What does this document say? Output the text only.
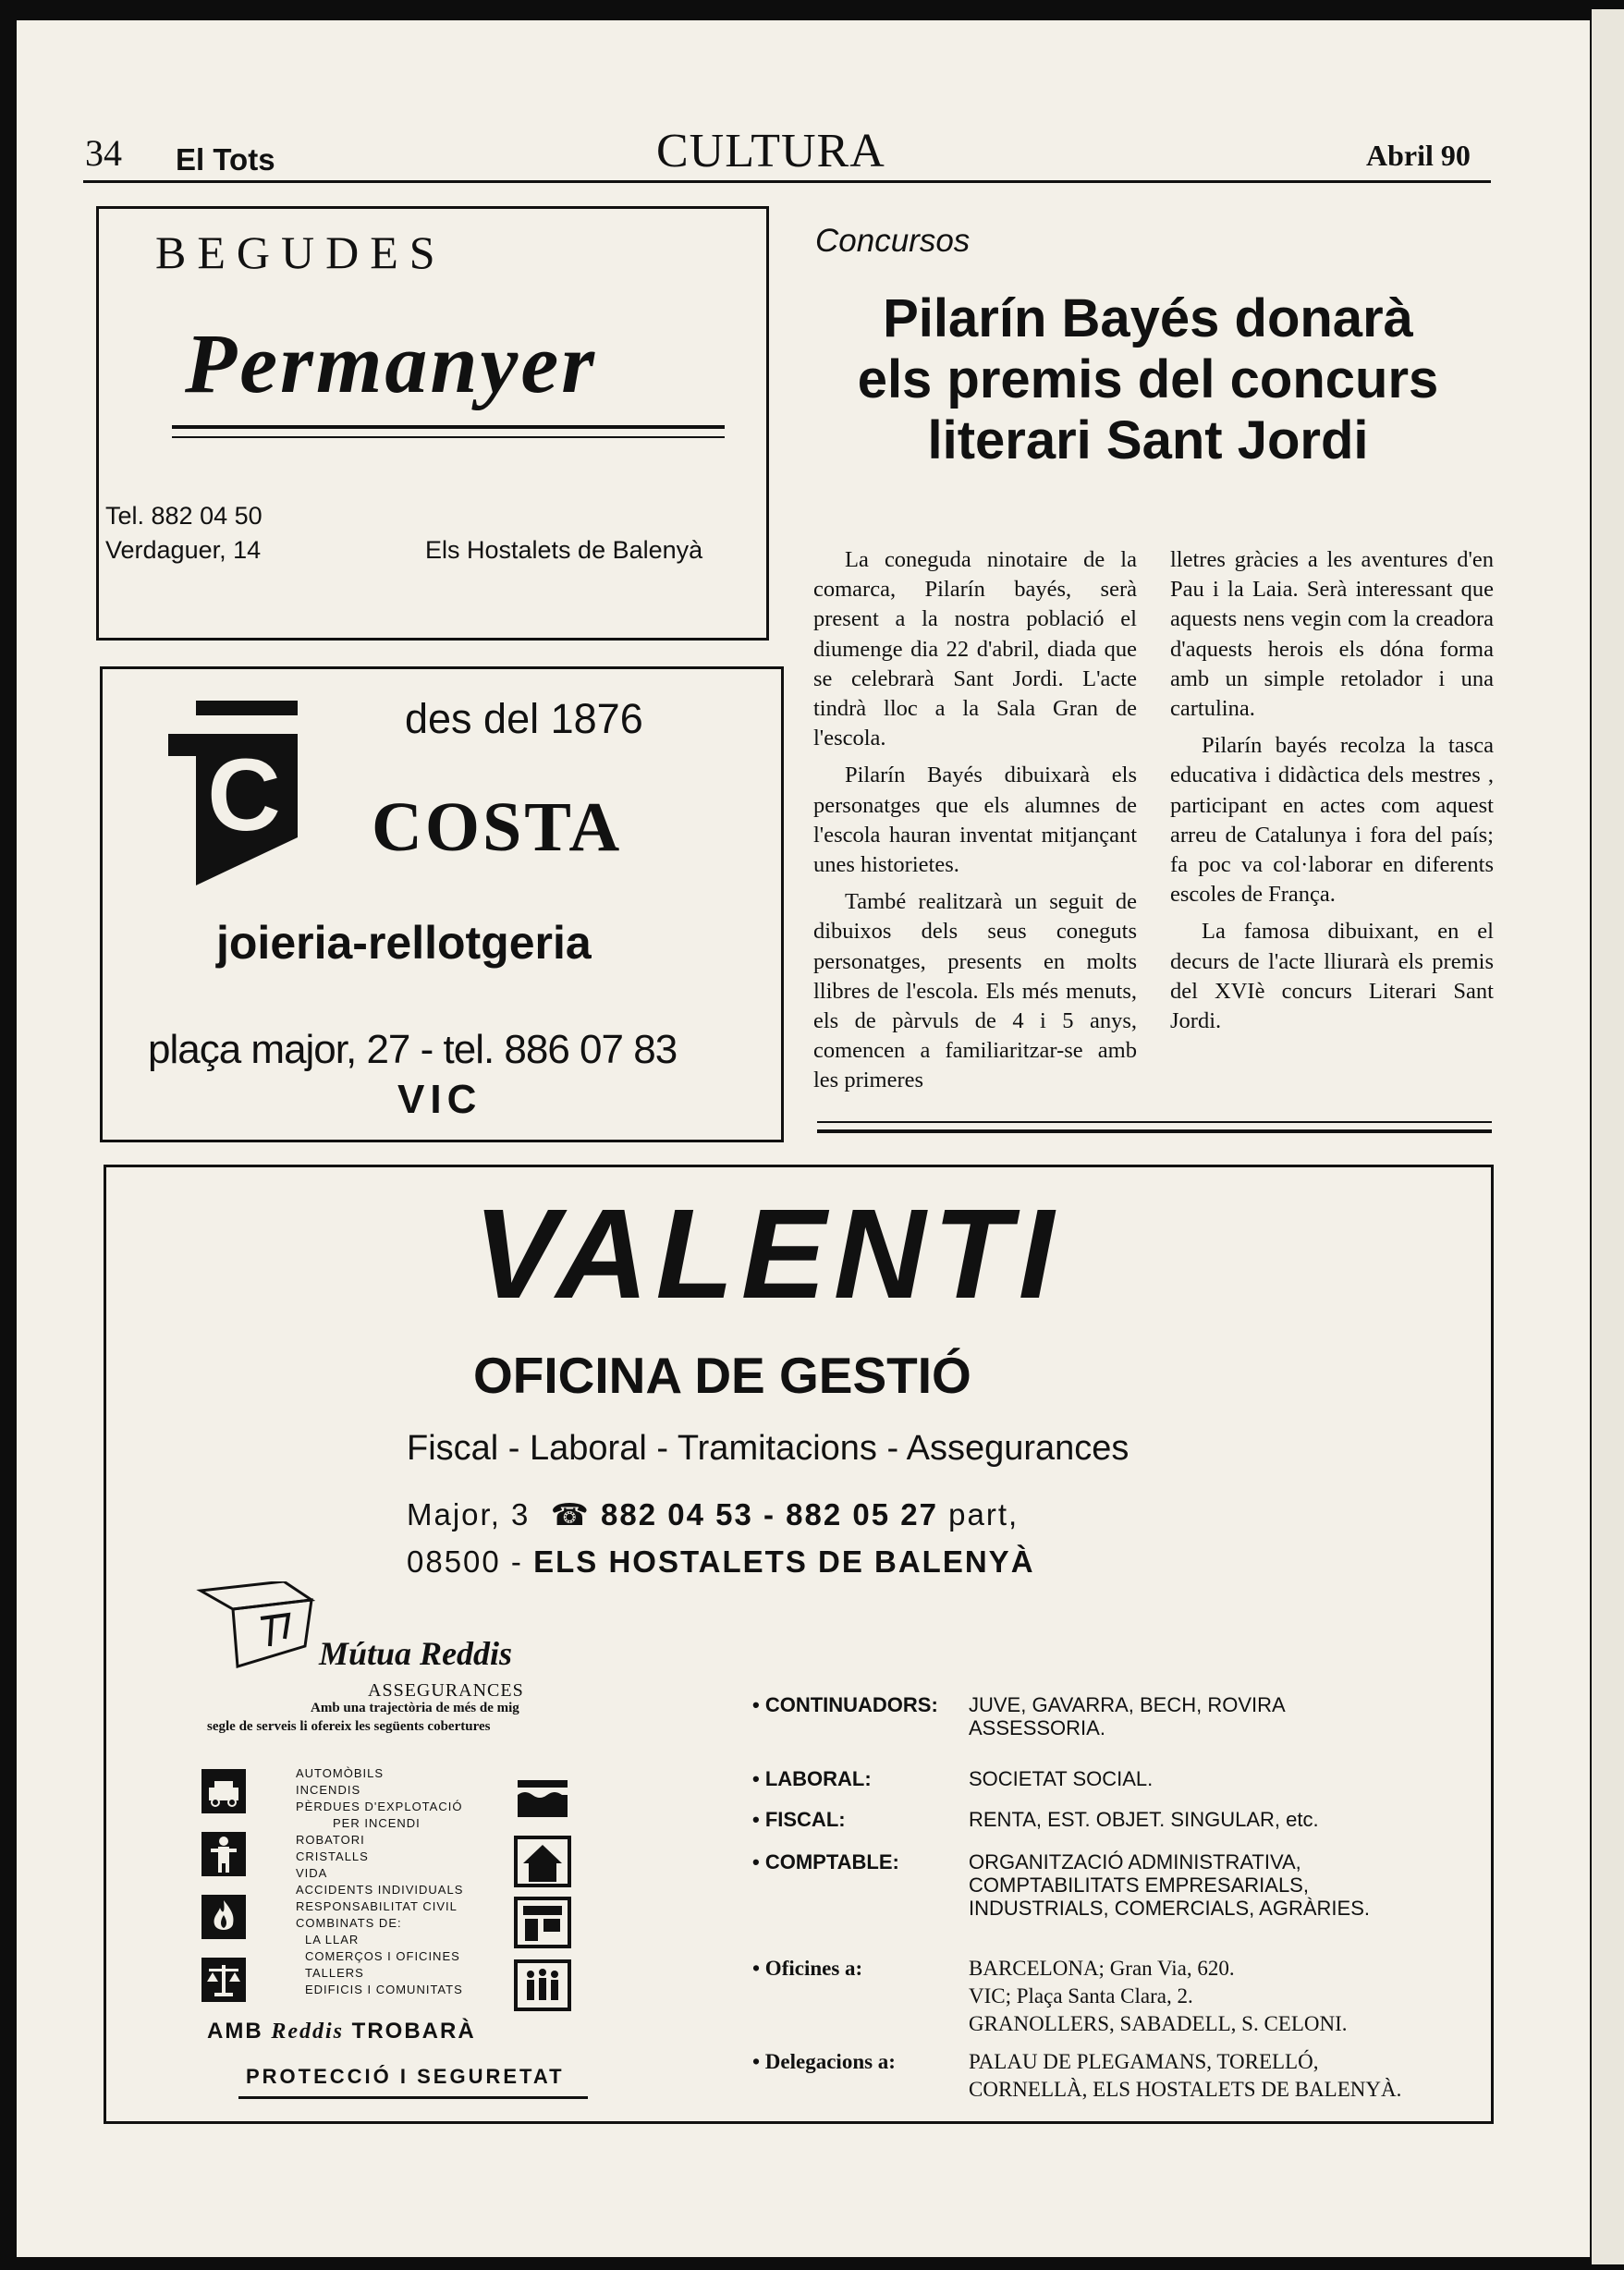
34 El Tots	CULTURA	Abril 90
BEGUDES
Permanyer
Tel. 882 04 50
Verdaguer, 14	Els Hostalets de Balenyà
C
des del 1876
COSTA
joieria-rellotgeria
plaça major, 27 - tel. 886 07 83
VIC
Concursos
Pilarín Bayés donarà
els premis del concurs
literari Sant Jordi

La coneguda ninotaire de la comarca, Pilarín bayés, serà present a la nostra població el diumenge dia 22 d'abril, diada que se celebrarà Sant Jordi. L'acte tindrà lloc a la Sala Gran de l'escola.

Pilarín Bayés dibuixarà els personatges que els alumnes de l'escola hauran inventat mitjançant unes historietes.

També realitzarà un seguit de dibuixos dels seus coneguts personatges, presents en molts llibres de l'escola. Els més menuts, els de pàrvuls de 4 i 5 anys, comencen a familiaritzar-se amb les primeres

lletres gràcies a les aventures d'en Pau i la Laia. Serà interessant que aquests nens vegin com la creadora d'aquests herois els dóna forma amb un simple retolador i una cartulina.

Pilarín bayés recolza la tasca educativa i didàctica dels mestres , participant en actes com aquest arreu de Catalunya i fora del país; fa poc va col·laborar en diferents escoles de França.

La famosa dibuixant, en el decurs de l'acte lliurarà els premis del XVIè concurs Literari Sant Jordi.

VALENTI
OFICINA DE GESTIÓ
Fiscal - Laboral - Tramitacions - Assegurances
Major, 3 ☎ 882 04 53 - 882 05 27 part,
08500 - ELS HOSTALETS DE BALENYÀ
Mútua Reddis
ASSEGURANCES
Amb una trajectòria de més de mig
segle de serveis li ofereix les següents cobertures
AUTOMÒBILS
INCENDIS
PÈRDUES D'EXPLOTACIÓ
PER INCENDI
ROBATORI
CRISTALLS
VIDA
ACCIDENTS INDIVIDUALS
RESPONSABILITAT CIVIL
COMBINATS DE:
LA LLAR
COMERÇOS I OFICINES
TALLERS
EDIFICIS I COMUNITATS
AMB Reddis TROBARÀ
PROTECCIÓ I SEGURETAT
• CONTINUADORS: JUVE, GAVARRA, BECH, ROVIRA
ASSESSORIA.
• LABORAL:	SOCIETAT SOCIAL.
• FISCAL:	RENTA, EST. OBJET. SINGULAR, etc.
• COMPTABLE:	ORGANITZACIÓ ADMINISTRATIVA,
COMPTABILITATS EMPRESARIALS,
INDUSTRIALS, COMERCIALS, AGRÀRIES.
• Oficines a:	BARCELONA; Gran Via, 620.
VIC; Plaça Santa Clara, 2.
GRANOLLERS, SABADELL, S. CELONI.
• Delegacions a:	PALAU DE PLEGAMANS, TORELLÓ,
CORNELLÀ, ELS HOSTALETS DE BALENYÀ.
